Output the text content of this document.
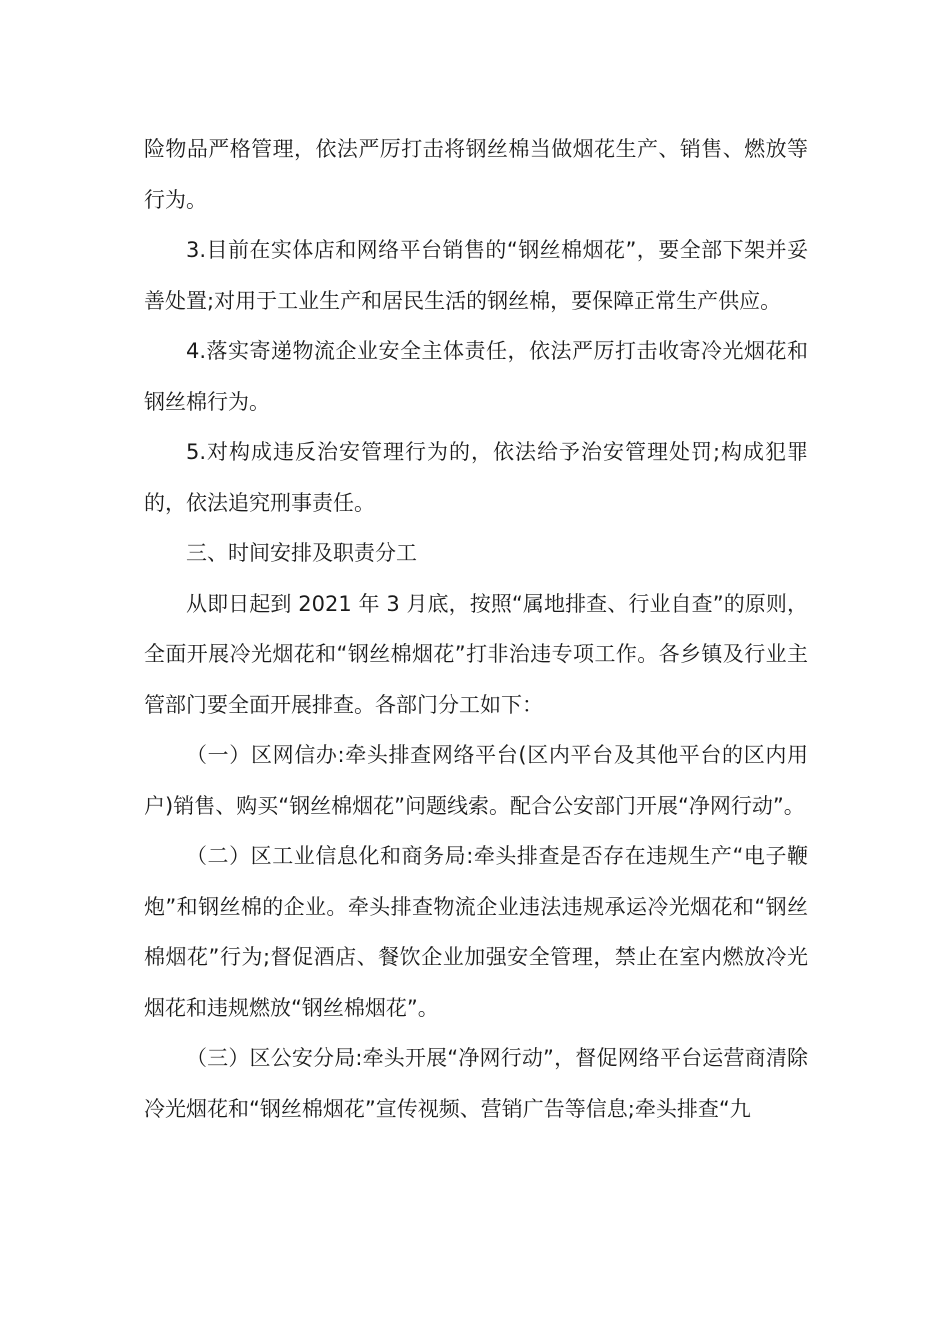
险物品严格管理，依法严厉打击将钢丝棉当做烟花生产、销售、燃放等行为。

3.目前在实体店和网络平台销售的“钢丝棉烟花”，要全部下架并妥善处置;对用于工业生产和居民生活的钢丝棉，要保障正常生产供应。

4.落实寄递物流企业安全主体责任，依法严厉打击收寄冷光烟花和钢丝棉行为。

5.对构成违反治安管理行为的，依法给予治安管理处罚;构成犯罪的，依法追究刑事责任。

三、时间安排及职责分工

从即日起到 2021 年 3 月底，按照“属地排查、行业自查”的原则，全面开展冷光烟花和“钢丝棉烟花”打非治违专项工作。各乡镇及行业主管部门要全面开展排查。各部门分工如下：

（一）区网信办:牵头排查网络平台(区内平台及其他平台的区内用户)销售、购买“钢丝棉烟花”问题线索。配合公安部门开展“净网行动”。

（二）区工业信息化和商务局:牵头排查是否存在违规生产“电子鞭炮”和钢丝棉的企业。牵头排查物流企业违法违规承运冷光烟花和“钢丝棉烟花”行为;督促酒店、餐饮企业加强安全管理，禁止在室内燃放冷光烟花和违规燃放“钢丝棉烟花”。

（三）区公安分局:牵头开展“净网行动”，督促网络平台运营商清除冷光烟花和“钢丝棉烟花”宣传视频、营销广告等信息;牵头排查“九
